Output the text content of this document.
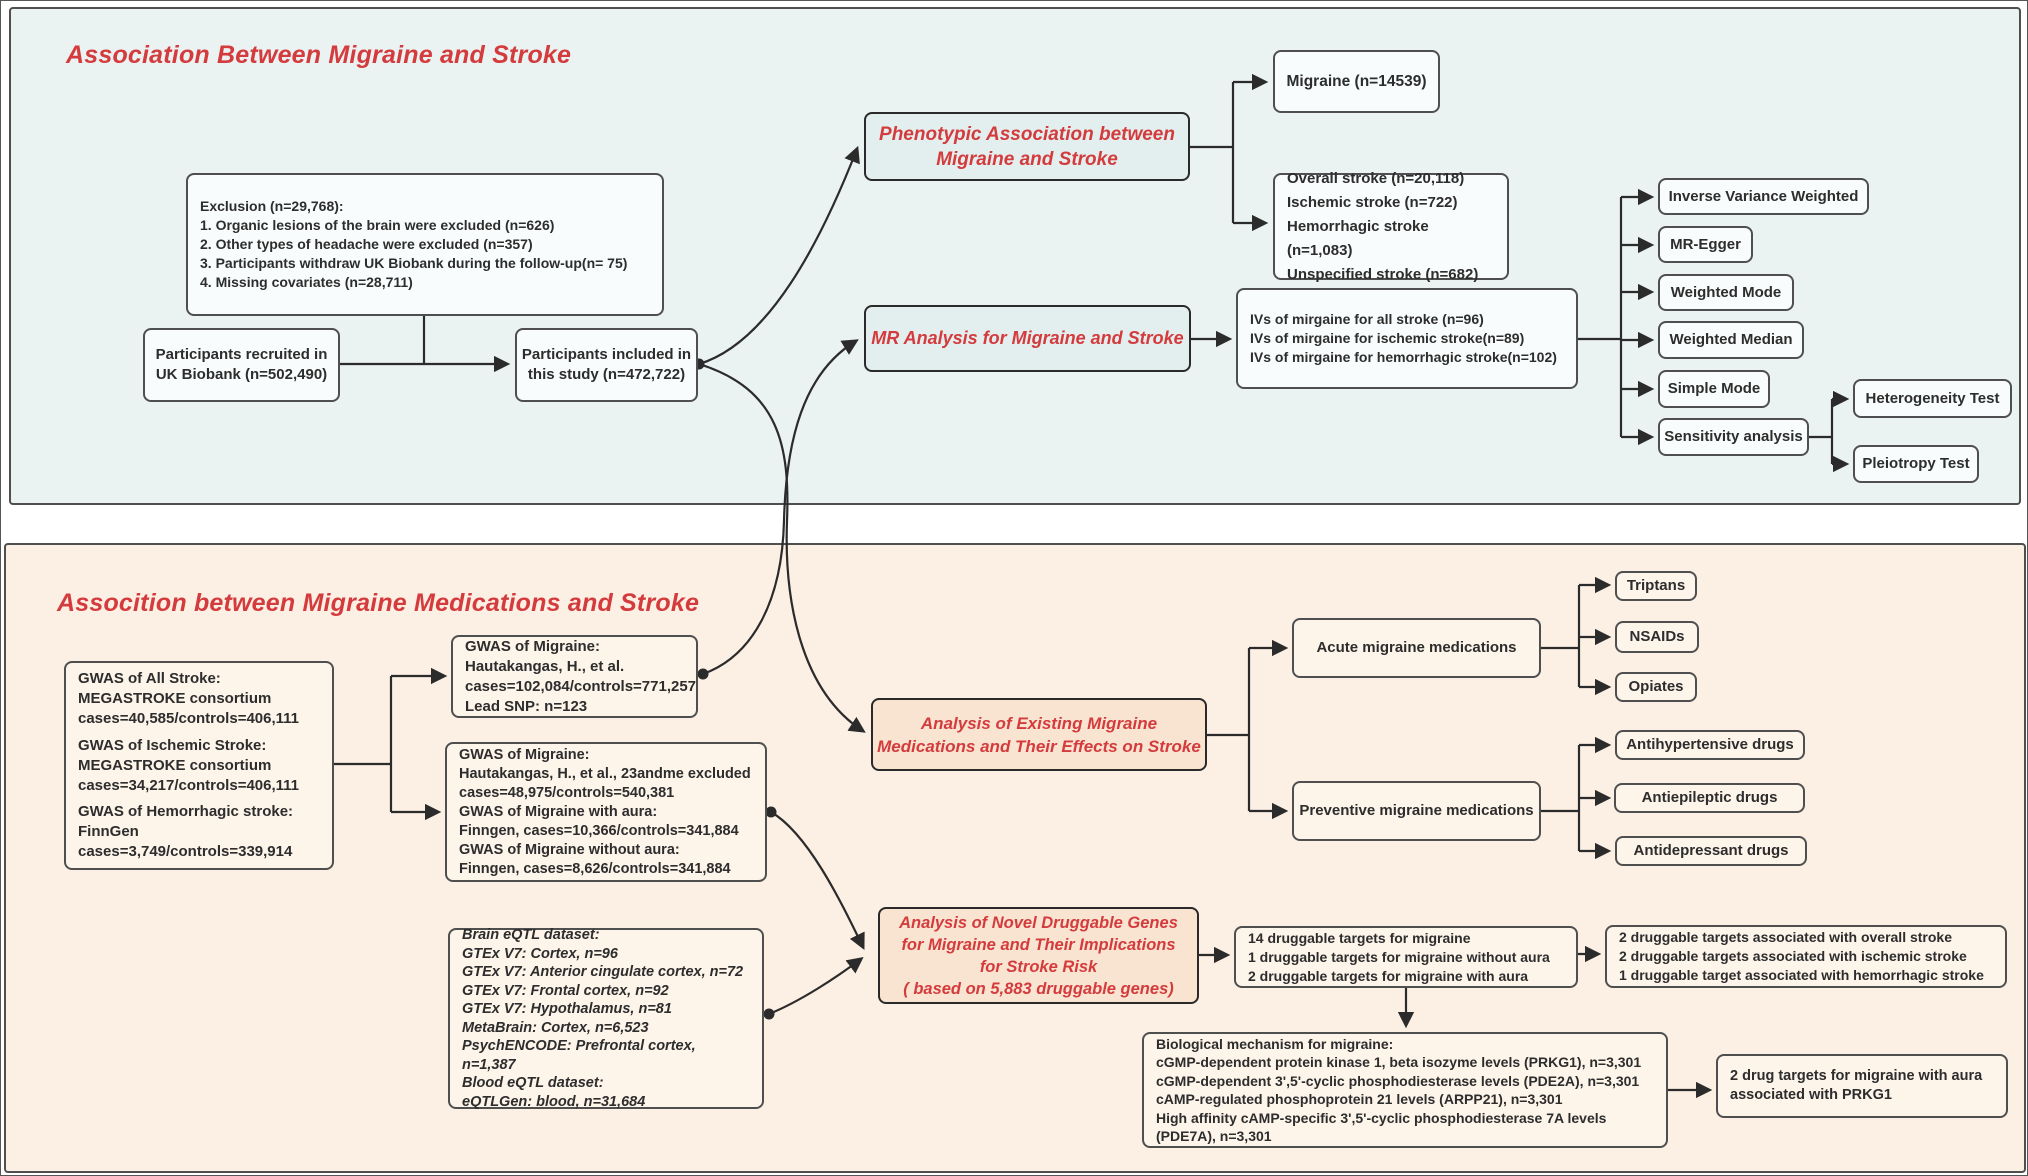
Association Between Migraine and Stroke
Exclusion (n=29,768):
1. Organic lesions of the brain were excluded (n=626)
2. Other types of headache were excluded (n=357)
3. Participants withdraw UK Biobank during the follow-up(n= 75)
4. Missing covariates (n=28,711)
Participants recruited in
UK Biobank (n=502,490)
Participants included in
this study (n=472,722)
Phenotypic Association between
Migraine and Stroke
Migraine (n=14539)
Overall stroke (n=20,118)
Ischemic stroke (n=722)
Hemorrhagic stroke (n=1,083)
Unspecified stroke (n=682)
MR Analysis for Migraine and Stroke
IVs of mirgaine for all stroke (n=96)
IVs of mirgaine for ischemic stroke(n=89)
IVs of mirgaine for hemorrhagic stroke(n=102)
Inverse Variance Weighted
MR-Egger
Weighted Mode
Weighted Median
Simple Mode
Sensitivity analysis
Heterogeneity Test
Pleiotropy Test
Assocition between Migraine Medications and Stroke
GWAS of All Stroke:
MEGASTROKE consortium
cases=40,585/controls=406,111
GWAS of Ischemic Stroke:
MEGASTROKE consortium
cases=34,217/controls=406,111
GWAS of Hemorrhagic stroke:
FinnGen
cases=3,749/controls=339,914
GWAS of Migraine:
Hautakangas, H., et al.
cases=102,084/controls=771,257
Lead SNP: n=123
GWAS of Migraine:
Hautakangas, H., et al., 23andme excluded
cases=48,975/controls=540,381
GWAS of Migraine with aura:
Finngen, cases=10,366/controls=341,884
GWAS of Migraine without aura:
Finngen, cases=8,626/controls=341,884
Brain eQTL dataset:
GTEx V7: Cortex, n=96
GTEx V7: Anterior cingulate cortex, n=72
GTEx V7: Frontal cortex, n=92
GTEx V7: Hypothalamus, n=81
MetaBrain: Cortex, n=6,523
PsychENCODE: Prefrontal cortex, n=1,387
Blood eQTL dataset:
eQTLGen: blood, n=31,684
Analysis of Existing Migraine
Medications and Their Effects on Stroke
Acute migraine medications
Preventive migraine medications
Triptans
NSAIDs
Opiates
Antihypertensive drugs
Antiepileptic drugs
Antidepressant drugs
Analysis of Novel Druggable Genes
for Migraine and Their Implications
for Stroke Risk
( based on 5,883 druggable genes)
14 druggable targets for migraine
1 druggable targets for migraine without aura
2 druggable targets for migraine with aura
2 druggable targets associated with overall stroke
2 druggable targets associated with ischemic stroke
1 druggable target associated with hemorrhagic stroke
Biological mechanism for migraine:
cGMP-dependent protein kinase 1, beta isozyme levels (PRKG1), n=3,301
cGMP-dependent 3',5'-cyclic phosphodiesterase levels (PDE2A), n=3,301
cAMP-regulated phosphoprotein 21 levels (ARPP21), n=3,301
High affinity cAMP-specific 3',5'-cyclic phosphodiesterase 7A levels
(PDE7A), n=3,301
2 drug targets for migraine with aura
associated with PRKG1
